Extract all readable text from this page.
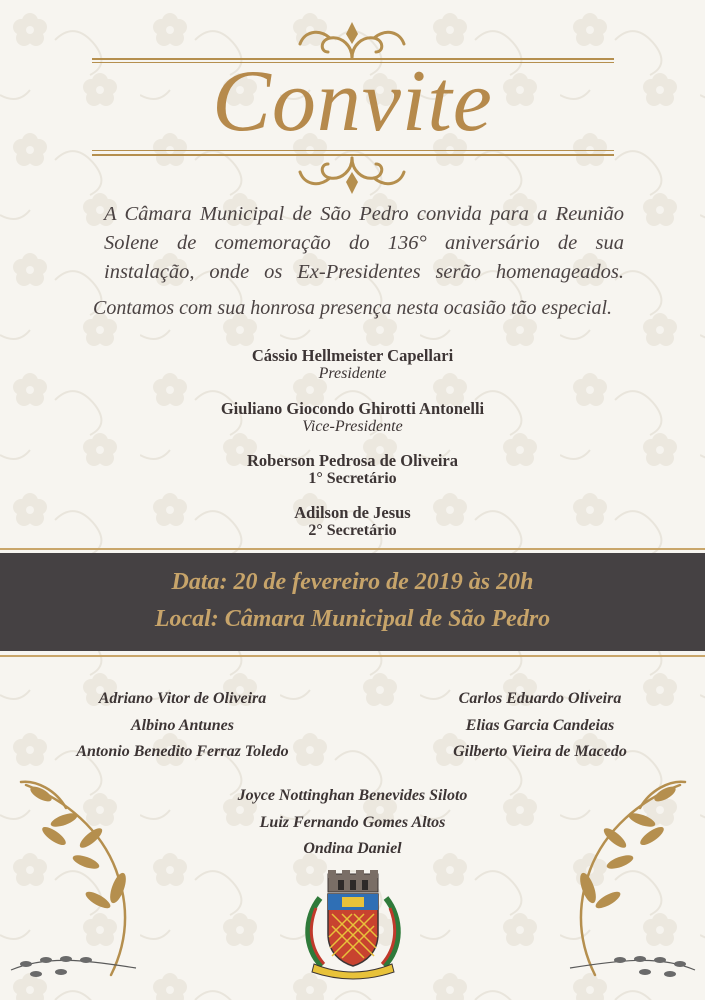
Convite
A Câmara Municipal de São Pedro convida para a Reunião
Solene de comemoração do 136° aniversário de sua
instalação, onde os Ex-Presidentes serão homenageados.
Contamos com sua honrosa presença nesta ocasião tão especial.
Cássio Hellmeister Capellari
Presidente
Giuliano Giocondo Ghirotti Antonelli
Vice-Presidente
Roberson Pedrosa de Oliveira
1° Secretário
Adilson de Jesus
2° Secretário
Data: 20 de fevereiro de 2019 às 20h
Local: Câmara Municipal de São Pedro
Adriano Vitor de Oliveira
Albino Antunes
Antonio Benedito Ferraz Toledo
Carlos Eduardo Oliveira
Elias Garcia Candeias
Gilberto Vieira de Macedo
Joyce Nottinghan Benevides Siloto
Luiz Fernando Gomes Altos
Ondina Daniel
